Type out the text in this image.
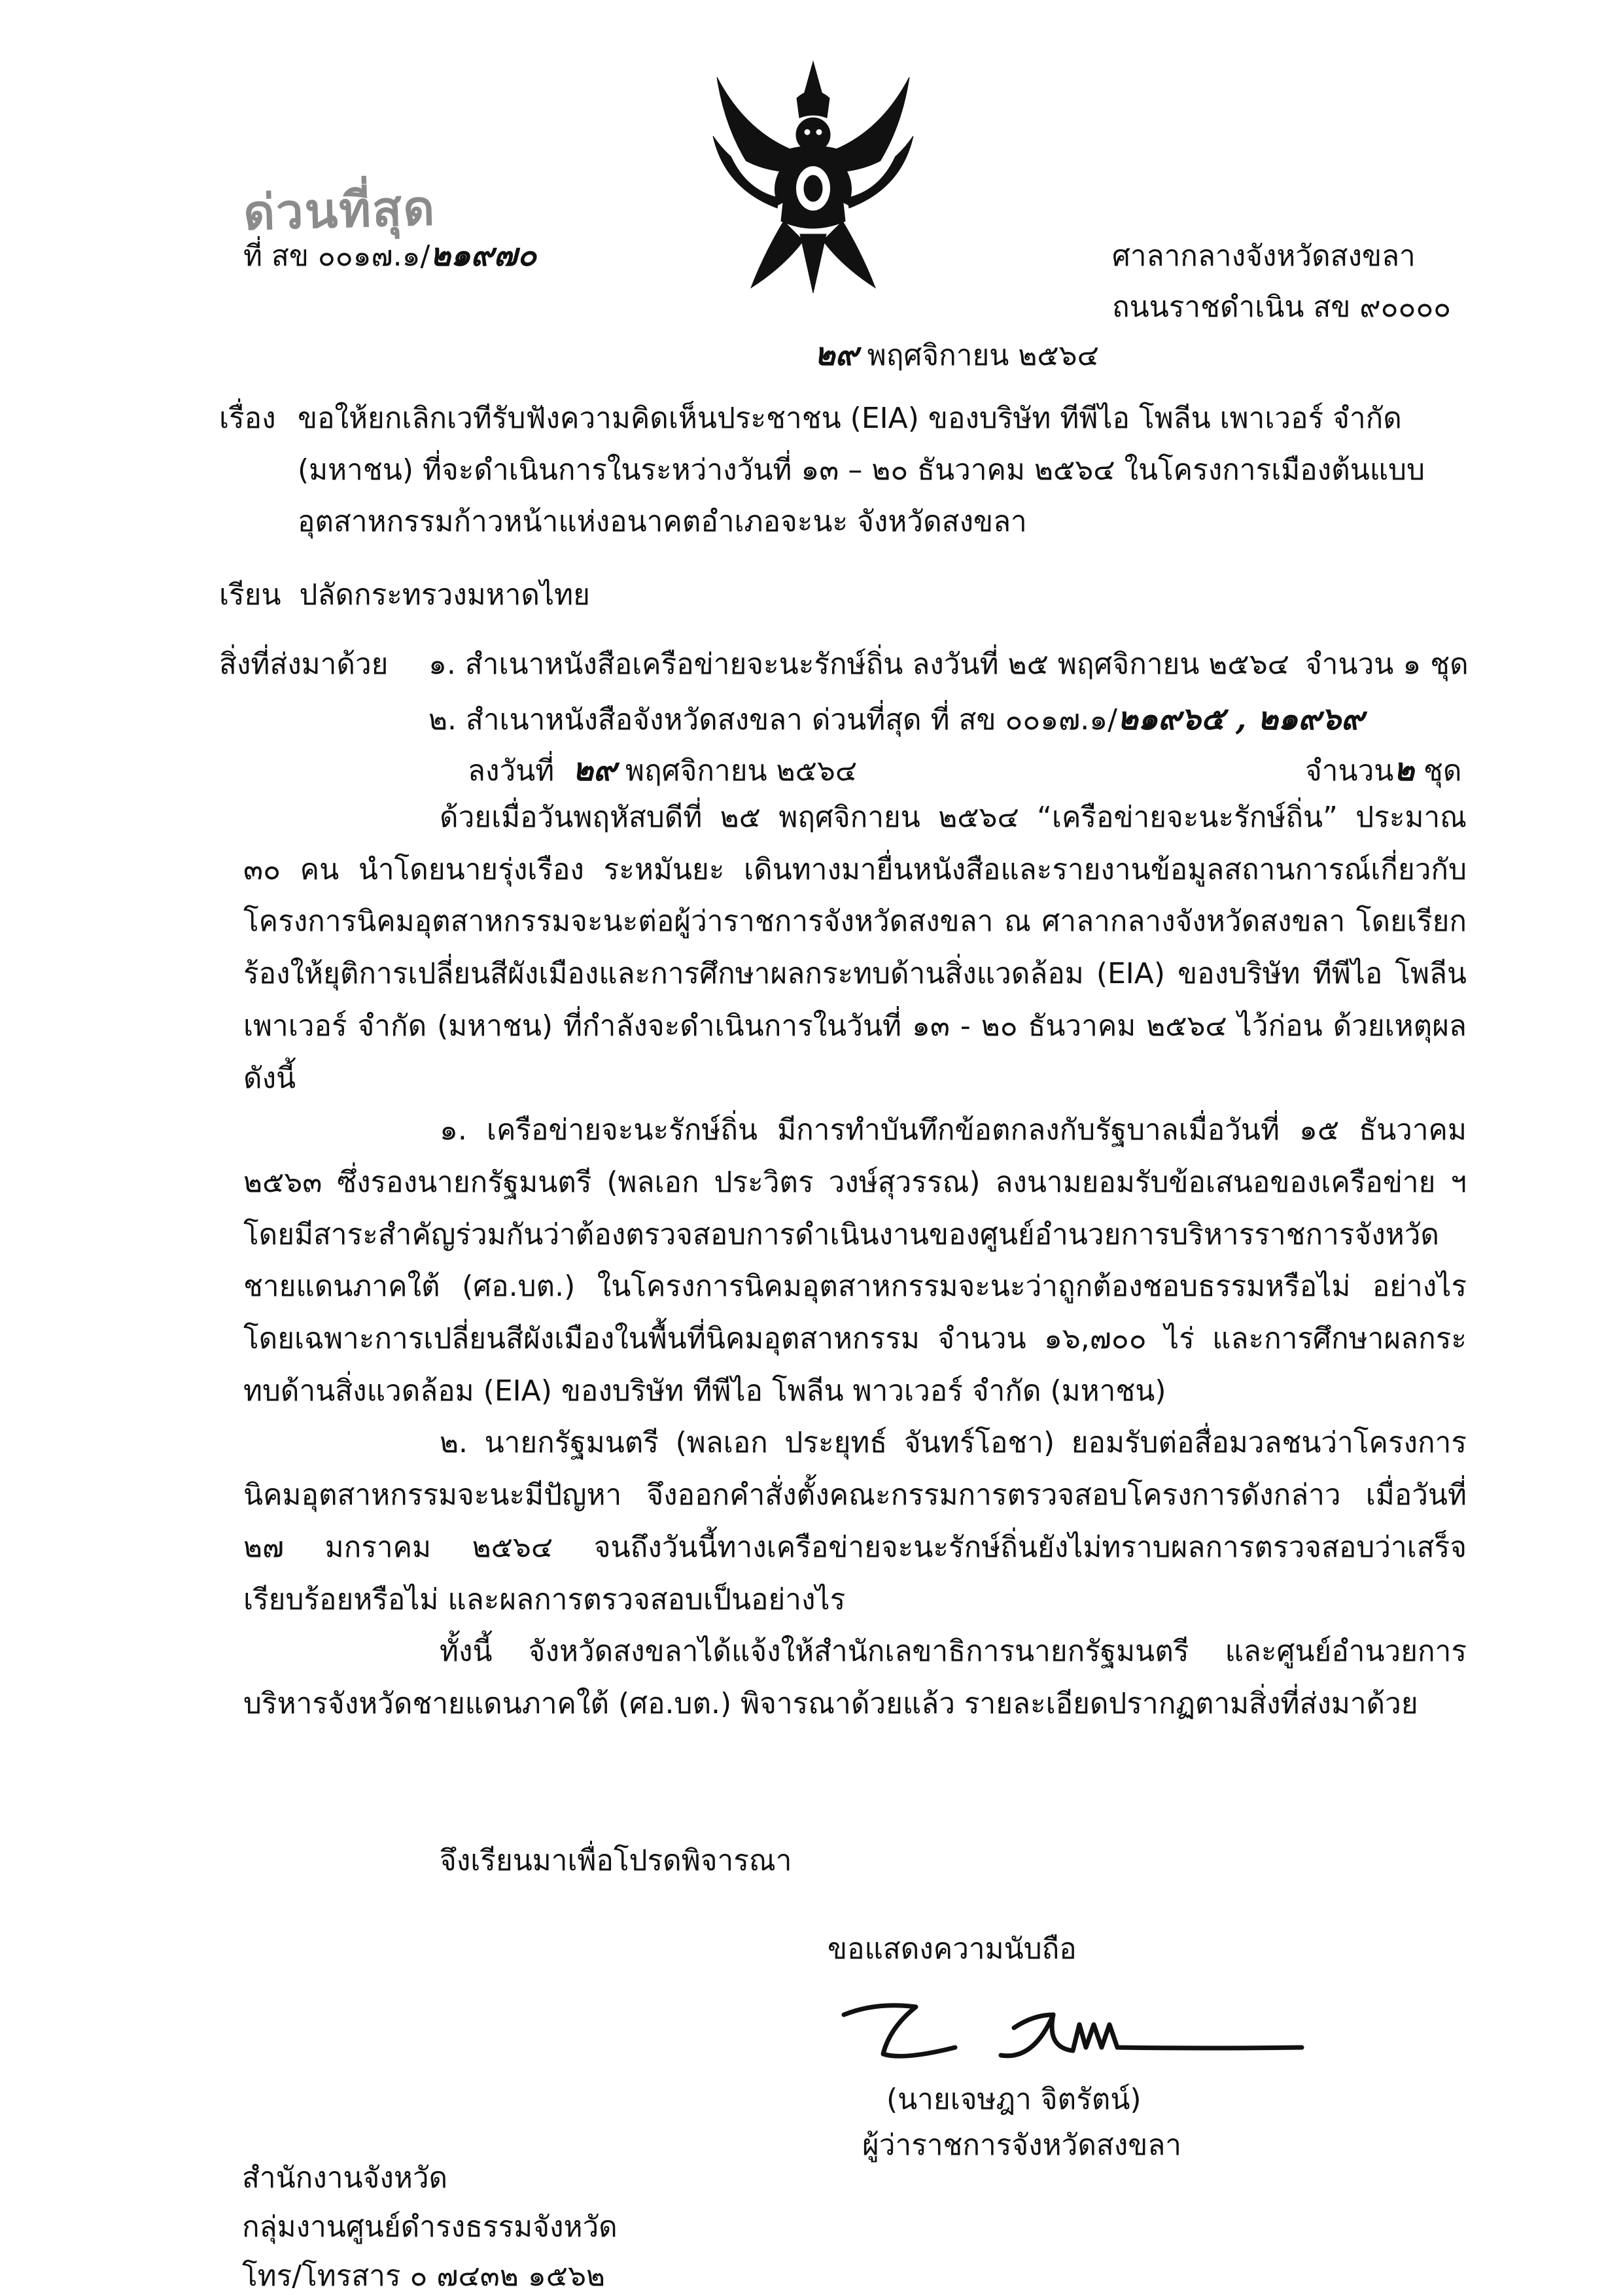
ด่วนที่สุด
ที่ สข ๐๐๑๗.๑/๒๑๙๗๐	ศาลากลางจังหวัดสงขลา
ถนนราชดำเนิน สข ๙๐๐๐๐
๒๙ พฤศจิกายน ๒๕๖๔
เรื่อง ขอให้ยกเลิกเวทีรับฟังความคิดเห็นประชาชน (EIA) ของบริษัท ทีพีไอ โพลีน เพาเวอร์ จำกัด
(มหาชน) ที่จะดำเนินการในระหว่างวันที่ ๑๓ – ๒๐ ธันวาคม ๒๕๖๔ ในโครงการเมืองต้นแบบ
อุตสาหกรรมก้าวหน้าแห่งอนาคตอำเภอจะนะ จังหวัดสงขลา
เรียน ปลัดกระทรวงมหาดไทย
สิ่งที่ส่งมาด้วย ๑. สำเนาหนังสือเครือข่ายจะนะรักษ์ถิ่น ลงวันที่ ๒๕ พฤศจิกายน ๒๕๖๔ จำนวน ๑ ชุด
๒. สำเนาหนังสือจังหวัดสงขลา ด่วนที่สุด ที่ สข ๐๐๑๗.๑/๒๑๙๖๕ , ๒๑๙๖๙
ลงวันที่ ๒๙ พฤศจิกายน ๒๕๖๔	จำนวน๒ ชุด

ด้วยเมื่อวันพฤหัสบดีที่ ๒๕ พฤศจิกายน ๒๕๖๔ “เครือข่ายจะนะรักษ์ถิ่น” ประมาณ ๓๐ คน นำโดยนายรุ่งเรือง ระหมันยะ เดินทางมายื่นหนังสือและรายงานข้อมูลสถานการณ์เกี่ยวกับโครงการนิคมอุตสาหกรรมจะนะต่อผู้ว่าราชการจังหวัดสงขลา ณ ศาลากลางจังหวัดสงขลา โดยเรียกร้องให้ยุติการเปลี่ยนสีผังเมืองและการศึกษาผลกระทบด้านสิ่งแวดล้อม (EIA) ของบริษัท ทีพีไอ โพลีน เพาเวอร์ จำกัด (มหาชน) ที่กำลังจะดำเนินการในวันที่ ๑๓ - ๒๐ ธันวาคม ๒๕๖๔ ไว้ก่อน ด้วยเหตุผล ดังนี้

๑. เครือข่ายจะนะรักษ์ถิ่น มีการทำบันทึกข้อตกลงกับรัฐบาลเมื่อวันที่ ๑๕ ธันวาคม ๒๕๖๓ ซึ่งรองนายกรัฐมนตรี (พลเอก ประวิตร วงษ์สุวรรณ) ลงนามยอมรับข้อเสนอของเครือข่าย ฯ โดยมีสาระสำคัญร่วมกันว่าต้องตรวจสอบการดำเนินงานของศูนย์อำนวยการบริหารราชการจังหวัดชายแดนภาคใต้ (ศอ.บต.) ในโครงการนิคมอุตสาหกรรมจะนะว่าถูกต้องชอบธรรมหรือไม่ อย่างไร โดยเฉพาะการเปลี่ยนสีผังเมืองในพื้นที่นิคมอุตสาหกรรม จำนวน ๑๖,๗๐๐ ไร่ และการศึกษาผลกระทบด้านสิ่งแวดล้อม (EIA) ของบริษัท ทีพีไอ โพลีน พาวเวอร์ จำกัด (มหาชน)

๒. นายกรัฐมนตรี (พลเอก ประยุทธ์ จันทร์โอชา) ยอมรับต่อสื่อมวลชนว่าโครงการนิคมอุตสาหกรรมจะนะมีปัญหา จึงออกคำสั่งตั้งคณะกรรมการตรวจสอบโครงการดังกล่าว เมื่อวันที่ ๒๗ มกราคม ๒๕๖๔ จนถึงวันนี้ทางเครือข่ายจะนะรักษ์ถิ่นยังไม่ทราบผลการตรวจสอบว่าเสร็จเรียบร้อยหรือไม่ และผลการตรวจสอบเป็นอย่างไร

ทั้งนี้ จังหวัดสงขลาได้แจ้งให้สำนักเลขาธิการนายกรัฐมนตรี และศูนย์อำนวยการบริหารจังหวัดชายแดนภาคใต้ (ศอ.บต.) พิจารณาด้วยแล้ว รายละเอียดปรากฏตามสิ่งที่ส่งมาด้วย

จึงเรียนมาเพื่อโปรดพิจารณา
ขอแสดงความนับถือ
(นายเจษฎา จิตรัตน์)
ผู้ว่าราชการจังหวัดสงขลา
สำนักงานจังหวัด
กลุ่มงานศูนย์ดำรงธรรมจังหวัด
โทร/โทรสาร ๐ ๗๔๓๒ ๑๕๖๒
